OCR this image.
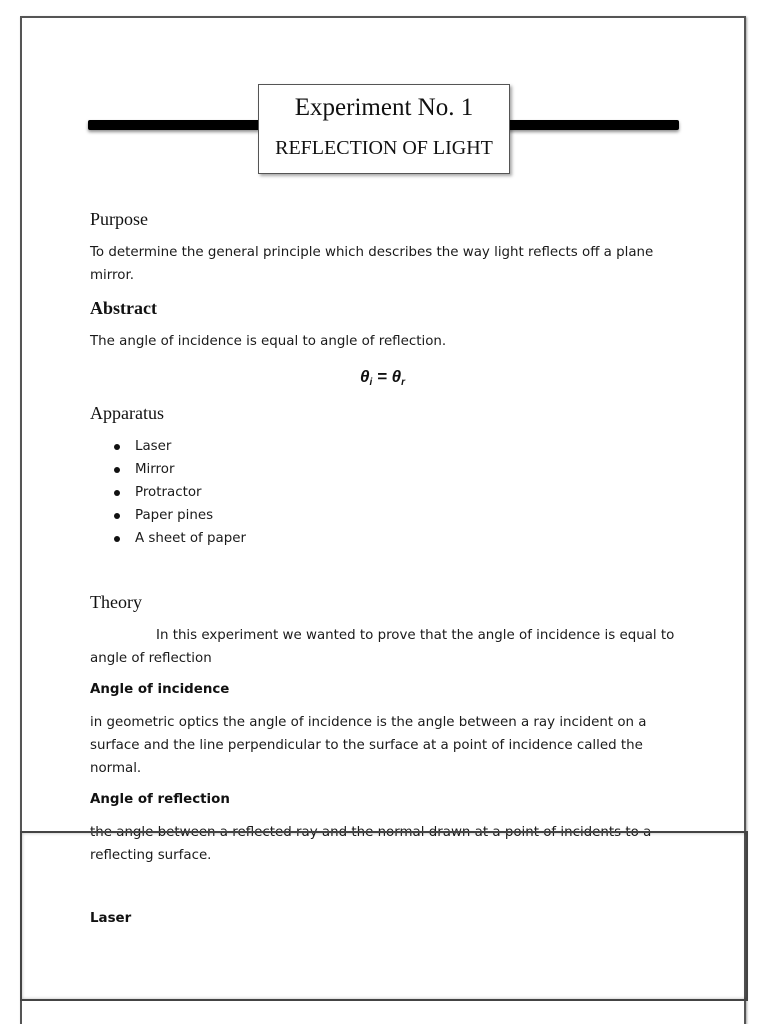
Experiment No. 1
REFLECTION OF LIGHT
Purpose
To determine the general principle which describes the way light reflects off a plane
mirror.
Abstract
The angle of incidence is equal to angle of reflection.
$\theta_i = \theta_r$
Apparatus
Laser
Mirror
Protractor
Paper pines
A sheet of paper
Theory
In this experiment we wanted to prove that the angle of incidence is equal to
angle of reflection
Angle of incidence
in geometric optics the angle of incidence is the angle between a ray incident on a
surface and the line perpendicular to the surface at a point of incidence called the
normal.
Angle of reflection
the angle between a reflected ray and the normal drawn at a point of incidents to a
reflecting surface.
Laser
